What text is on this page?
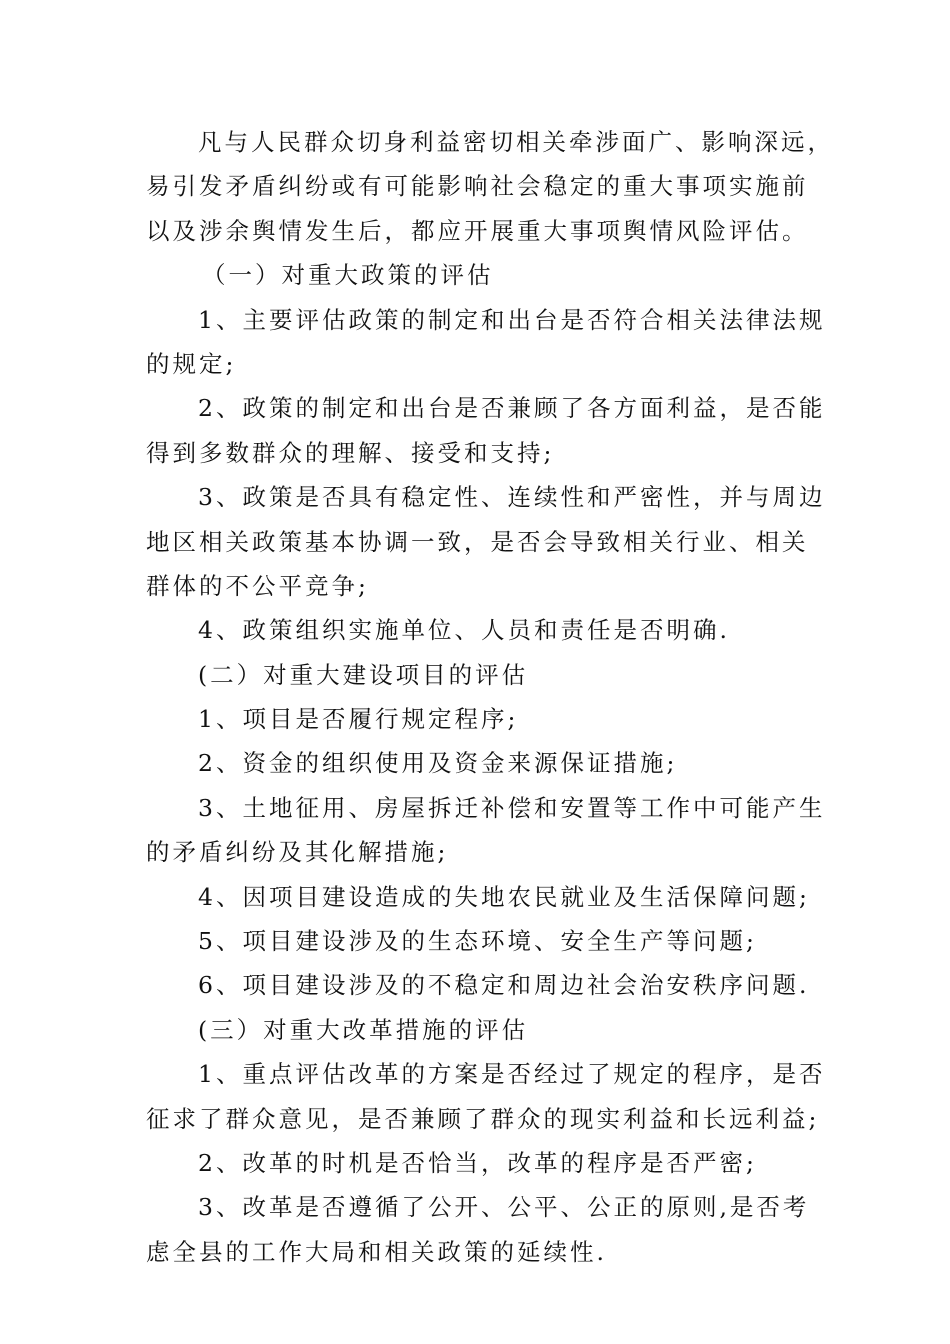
凡与人民群众切身利益密切相关牵涉面广、影响深远，
易引发矛盾纠纷或有可能影响社会稳定的重大事项实施前
以及涉余舆情发生后，都应开展重大事项舆情风险评估。
（一）对重大政策的评估
1、主要评估政策的制定和出台是否符合相关法律法规
的规定;
2、政策的制定和出台是否兼顾了各方面利益，是否能
得到多数群众的理解、接受和支持;
3、政策是否具有稳定性、连续性和严密性，并与周边
地区相关政策基本协调一致，是否会导致相关行业、相关
群体的不公平竞争;
4、政策组织实施单位、人员和责任是否明确.
(二）对重大建设项目的评估
1、项目是否履行规定程序;
2、资金的组织使用及资金来源保证措施;
3、土地征用、房屋拆迁补偿和安置等工作中可能产生
的矛盾纠纷及其化解措施;
4、因项目建设造成的失地农民就业及生活保障问题;
5、项目建设涉及的生态环境、安全生产等问题;
6、项目建设涉及的不稳定和周边社会治安秩序问题.
(三）对重大改革措施的评估
1、重点评估改革的方案是否经过了规定的程序，是否
征求了群众意见，是否兼顾了群众的现实利益和长远利益;
2、改革的时机是否恰当，改革的程序是否严密;
3、改革是否遵循了公开、公平、公正的原则,是否考
虑全县的工作大局和相关政策的延续性.
